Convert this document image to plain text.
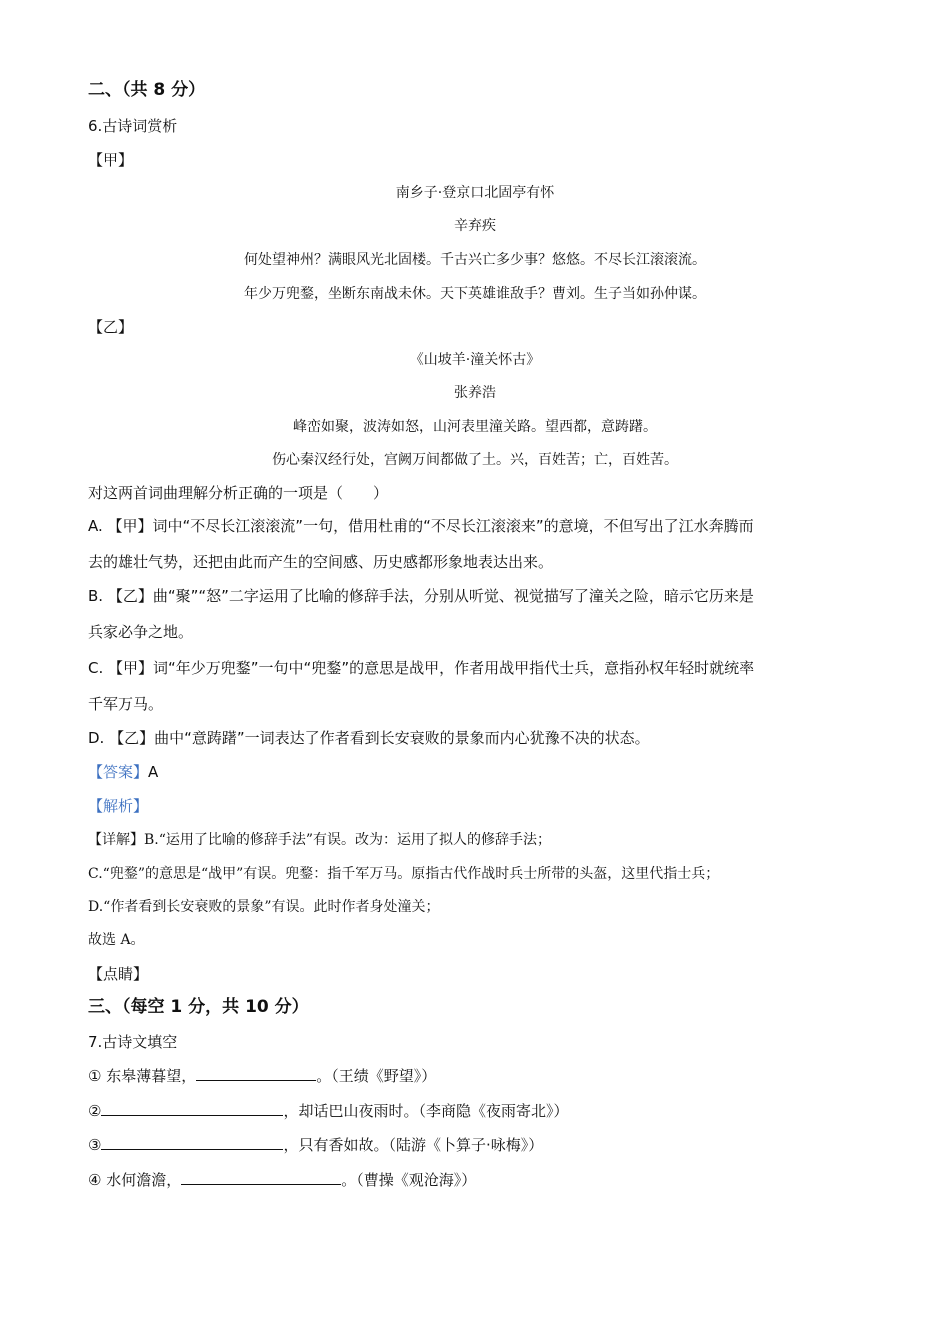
二、（共 8 分）
6.古诗词赏析
【甲】
南乡子·登京口北固亭有怀
辛弃疾
何处望神州？满眼风光北固楼。千古兴亡多少事？悠悠。不尽长江滚滚流。
年少万兜鍪，坐断东南战未休。天下英雄谁敌手？曹刘。生子当如孙仲谋。
【乙】
《山坡羊·潼关怀古》
张养浩
峰峦如聚，波涛如怒，山河表里潼关路。望西都，意踌躇。
伤心秦汉经行处，宫阙万间都做了土。兴，百姓苦；亡，百姓苦。
对这两首词曲理解分析正确的一项是（　　）
A. 【甲】词中“不尽长江滚滚流”一句，借用杜甫的“不尽长江滚滚来”的意境，不但写出了江水奔腾而
去的雄壮气势，还把由此而产生的空间感、历史感都形象地表达出来。
B. 【乙】曲“聚”“怒”二字运用了比喻的修辞手法，分别从听觉、视觉描写了潼关之险，暗示它历来是
兵家必争之地。
C. 【甲】词“年少万兜鍪”一句中“兜鍪”的意思是战甲，作者用战甲指代士兵，意指孙权年轻时就统率
千军万马。
D. 【乙】曲中“意踌躇”一词表达了作者看到长安衰败的景象而内心犹豫不决的状态。
【答案】A
【解析】
【详解】B.“运用了比喻的修辞手法”有误。改为：运用了拟人的修辞手法；
C.“兜鍪”的意思是“战甲”有误。兜鍪：指千军万马。原指古代作战时兵士所带的头盔，这里代指士兵；
D.“作者看到长安衰败的景象”有误。此时作者身处潼关；
故选 A。
【点睛】
三、（每空 1 分，共 10 分）
7.古诗文填空
① 东皋薄暮望，	。（王绩《野望》）
②	，却话巴山夜雨时。（李商隐《夜雨寄北》）
③	，只有香如故。（陆游《卜算子·咏梅》）
④ 水何澹澹，	。（曹操《观沧海》）
